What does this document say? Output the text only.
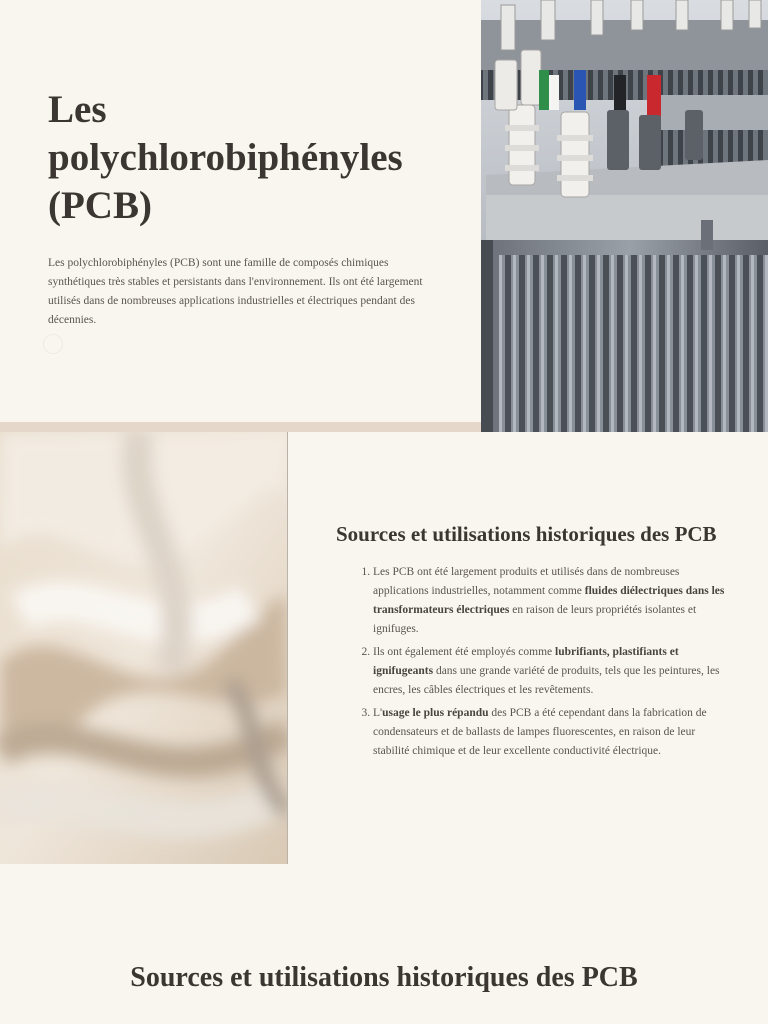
Les polychlorobiphényles (PCB)

Les polychlorobiphényles (PCB) sont une famille de composés chimiques synthétiques très stables et persistants dans l'environnement. Ils ont été largement utilisés dans de nombreuses applications industrielles et électriques pendant des décennies.

Sources et utilisations historiques des PCB
1. Les PCB ont été largement produits et utilisés dans de nombreuses applications industrielles, notamment comme fluides diélectriques dans les transformateurs électriques en raison de leurs propriétés isolantes et ignifuges.
2. Ils ont également été employés comme lubrifiants, plastifiants et ignifugeants dans une grande variété de produits, tels que les peintures, les encres, les câbles électriques et les revêtements.
3. L'usage le plus répandu des PCB a été cependant dans la fabrication de condensateurs et de ballasts de lampes fluorescentes, en raison de leur stabilité chimique et de leur excellente conductivité électrique.
Sources et utilisations historiques des PCB
